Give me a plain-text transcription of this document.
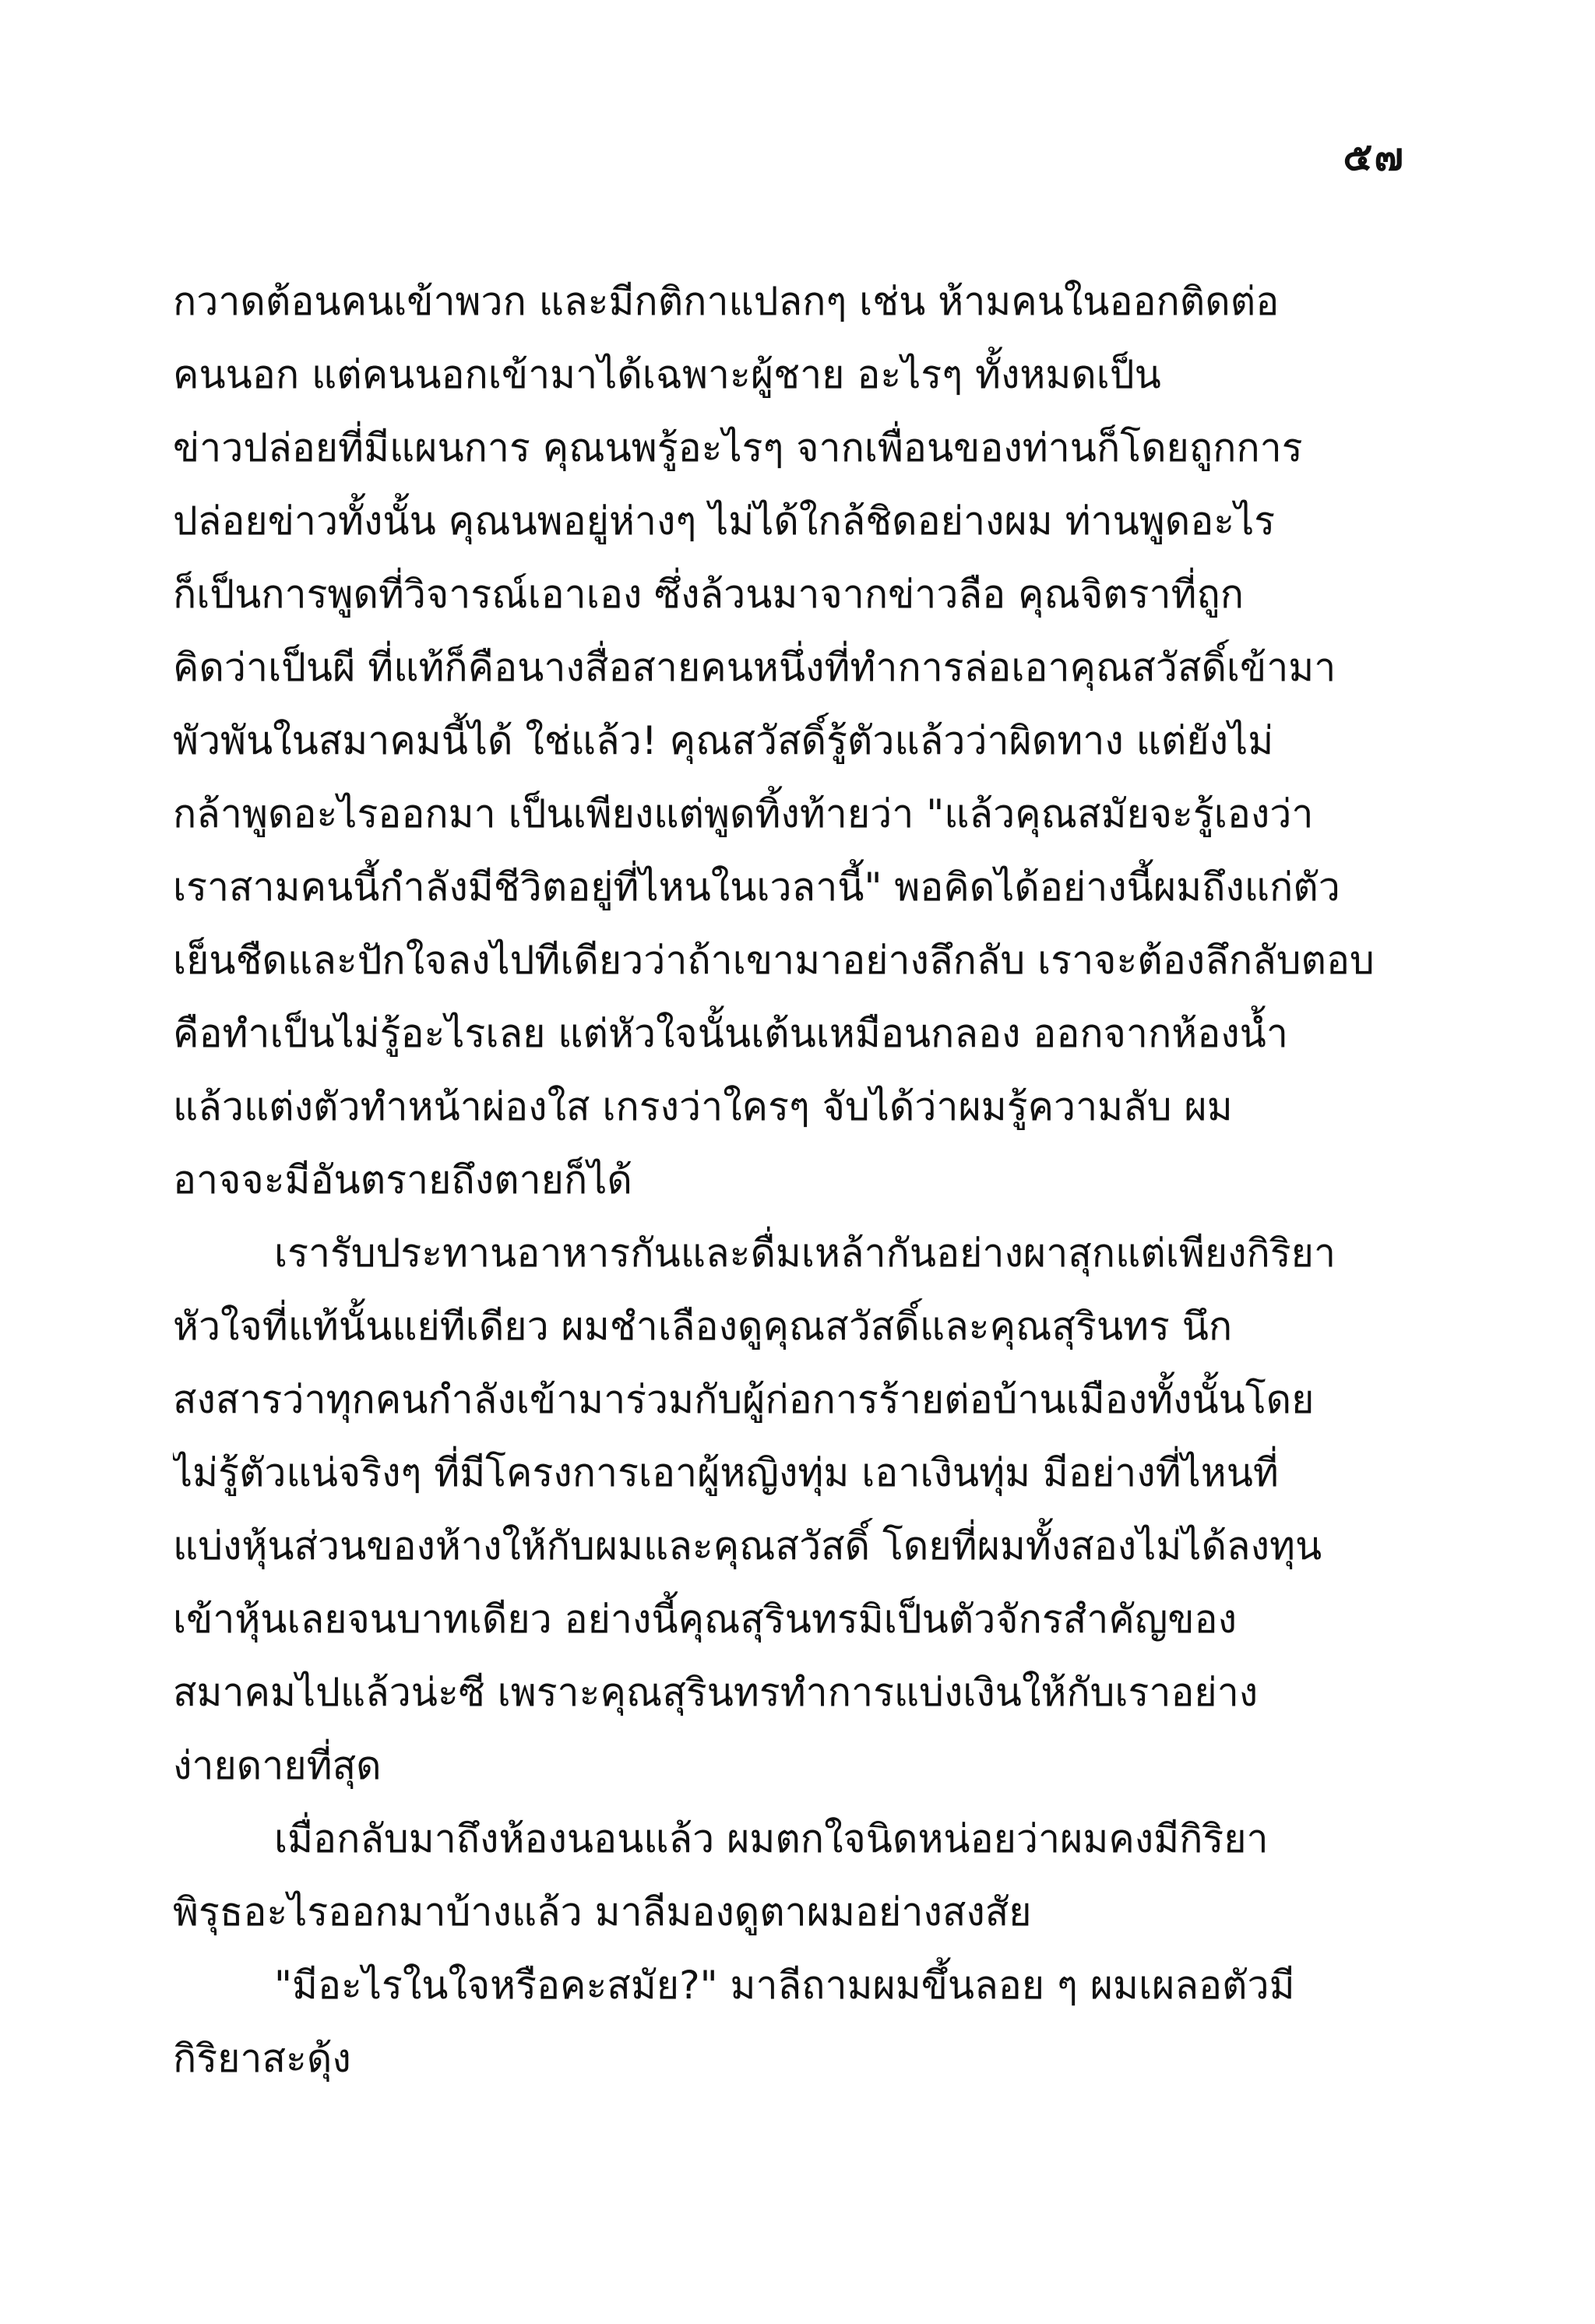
๕๗
กวาดต้อนคนเข้าพวก และมีกติกาแปลกๆ เช่น ห้ามคนในออกติดต่อ
คนนอก แต่คนนอกเข้ามาได้เฉพาะผู้ชาย อะไรๆ ทั้งหมดเป็น
ข่าวปล่อยที่มีแผนการ คุณนพรู้อะไรๆ จากเพื่อนของท่านก็โดยถูกการ
ปล่อยข่าวทั้งนั้น คุณนพอยู่ห่างๆ ไม่ได้ใกล้ชิดอย่างผม ท่านพูดอะไร
ก็เป็นการพูดที่วิจารณ์เอาเอง ซึ่งล้วนมาจากข่าวลือ คุณจิตราที่ถูก
คิดว่าเป็นผี ที่แท้ก็คือนางสื่อสายคนหนึ่งที่ทำการล่อเอาคุณสวัสดิ์เข้ามา
พัวพันในสมาคมนี้ได้ ใช่แล้ว! คุณสวัสดิ์รู้ตัวแล้วว่าผิดทาง แต่ยังไม่
กล้าพูดอะไรออกมา เป็นเพียงแต่พูดทิ้งท้ายว่า "แล้วคุณสมัยจะรู้เองว่า
เราสามคนนี้กำลังมีชีวิตอยู่ที่ไหนในเวลานี้" พอคิดได้อย่างนี้ผมถึงแก่ตัว
เย็นชืดและปักใจลงไปทีเดียวว่าถ้าเขามาอย่างลึกลับ เราจะต้องลึกลับตอบ
คือทำเป็นไม่รู้อะไรเลย แต่หัวใจนั้นเต้นเหมือนกลอง ออกจากห้องน้ำ
แล้วแต่งตัวทำหน้าผ่องใส เกรงว่าใครๆ จับได้ว่าผมรู้ความลับ ผม
อาจจะมีอันตรายถึงตายก็ได้
เรารับประทานอาหารกันและดื่มเหล้ากันอย่างผาสุกแต่เพียงกิริยา
หัวใจที่แท้นั้นแย่ทีเดียว ผมชำเลืองดูคุณสวัสดิ์และคุณสุรินทร นึก
สงสารว่าทุกคนกำลังเข้ามาร่วมกับผู้ก่อการร้ายต่อบ้านเมืองทั้งนั้นโดย
ไม่รู้ตัวแน่จริงๆ ที่มีโครงการเอาผู้หญิงทุ่ม เอาเงินทุ่ม มีอย่างที่ไหนที่
แบ่งหุ้นส่วนของห้างให้กับผมและคุณสวัสดิ์ โดยที่ผมทั้งสองไม่ได้ลงทุน
เข้าหุ้นเลยจนบาทเดียว อย่างนี้คุณสุรินทรมิเป็นตัวจักรสำคัญของ
สมาคมไปแล้วน่ะซี เพราะคุณสุรินทรทำการแบ่งเงินให้กับเราอย่าง
ง่ายดายที่สุด
เมื่อกลับมาถึงห้องนอนแล้ว ผมตกใจนิดหน่อยว่าผมคงมีกิริยา
พิรุธอะไรออกมาบ้างแล้ว มาลีมองดูตาผมอย่างสงสัย
"มีอะไรในใจหรือคะสมัย?" มาลีถามผมขึ้นลอย ๆ ผมเผลอตัวมี
กิริยาสะดุ้ง
